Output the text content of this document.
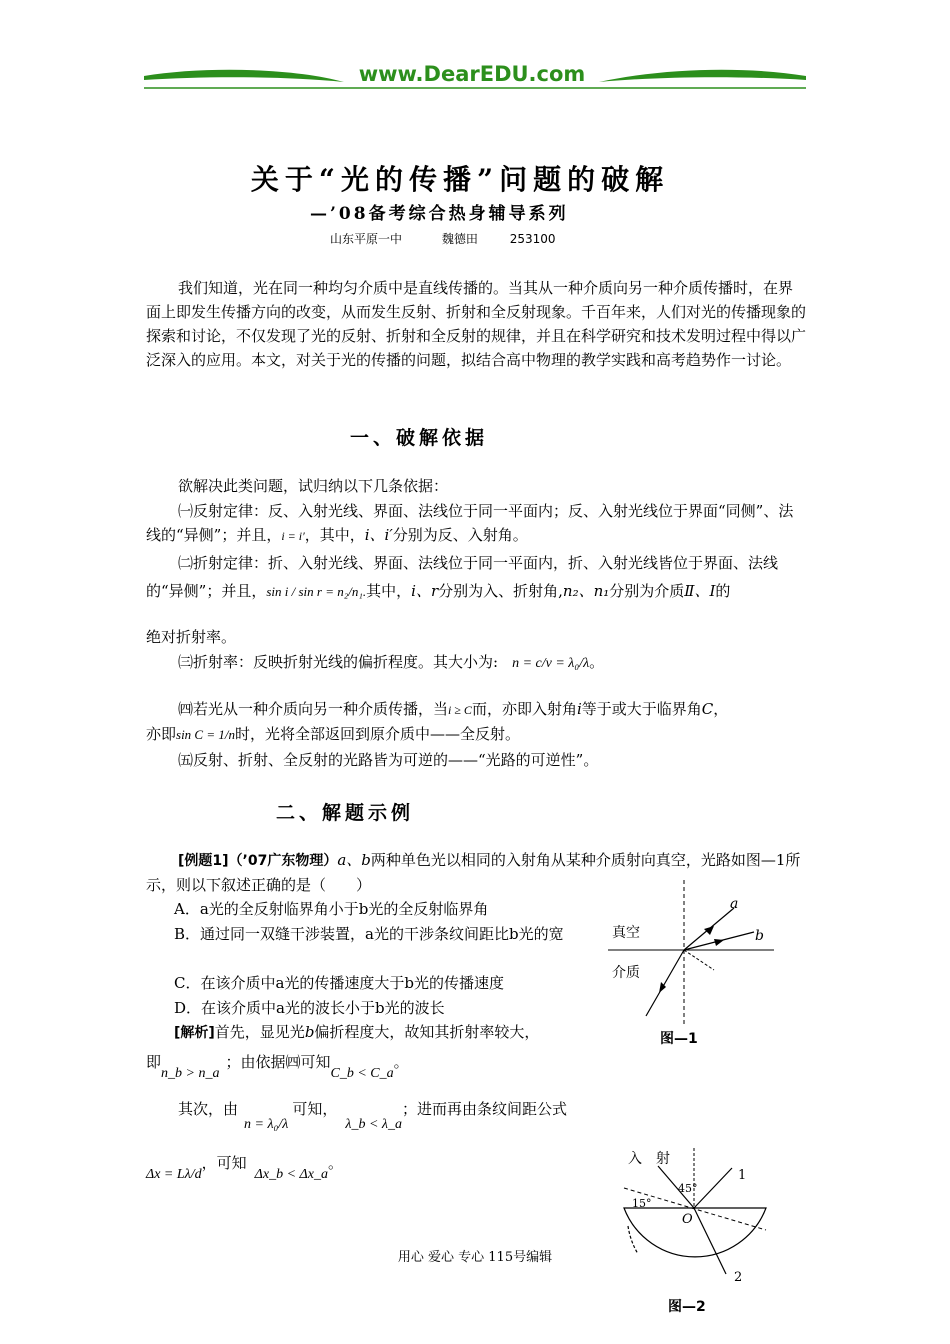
www.DearEDU.com
关于“光的传播”问题的破解
—’08备考综合热身辅导系列
山东平原一中	魏德田	253100

我们知道，光在同一种均匀介质中是直线传播的。当其从一种介质向另一种介质传播时，在界面上即发生传播方向的改变，从而发生反射、折射和全反射现象。千百年来，人们对光的传播现象的探索和讨论，不仅发现了光的反射、折射和全反射的规律，并且在科学研究和技术发明过程中得以广泛深入的应用。本文，对关于光的传播的问题，拟结合高中物理的教学实践和高考趋势作一讨论。

一、破解依据

欲解决此类问题，试归纳以下几条依据：

㈠反射定律：反、入射光线、界面、法线位于同一平面内；反、入射光线位于界面“同侧”、法线的“异侧”；并且，i = i′，其中，i、i′分别为反、入射角。

㈡折射定律：折、入射光线、界面、法线位于同一平面内，折、入射光线皆位于界面、法线的“异侧”；并且，sin i / sin r = n₂/n₁.其中，i、r分别为入、折射角,n₂、n₁分别为介质Ⅱ、Ⅰ的

绝对折射率。

㈢折射率：反映折射光线的偏折程度。其大小为: n = c/v = λ₀/λ。

㈣若光从一种介质向另一种介质传播，当i ≥ C而，亦即入射角i等于或大于临界角C，

亦即sin C = 1/n时，光将全部返回到原介质中——全反射。

㈤反射、折射、全反射的光路皆为可逆的——“光路的可逆性”。

二、解题示例

[例题1]（’07广东物理）a、b两种单色光以相同的入射角从某种介质射向真空，光路如图—1所示，则以下叙述正确的是（　　）

A．a光的全反射临界角小于b光的全反射临界角

B．通过同一双缝干涉装置，a光的干涉条纹间距比b光的宽

C．在该介质中a光的传播速度大于b光的传播速度

D．在该介质中a光的波长小于b光的波长

[解析]首先，显见光b偏折程度大，故知其折射率较大，

即n_b > n_a；由依据㈣可知C_b < C_a。

其次，由n = λ₀/λ可知，λ_b < λ_a；进而再由条纹间距公式

Δx = Lλ/d，可知Δx_b < Δx_a。

真空
介质
a
b
图—1
入　射
45°
15°
O
1
2
图—2
用心 爱心 专心 115号编辑
